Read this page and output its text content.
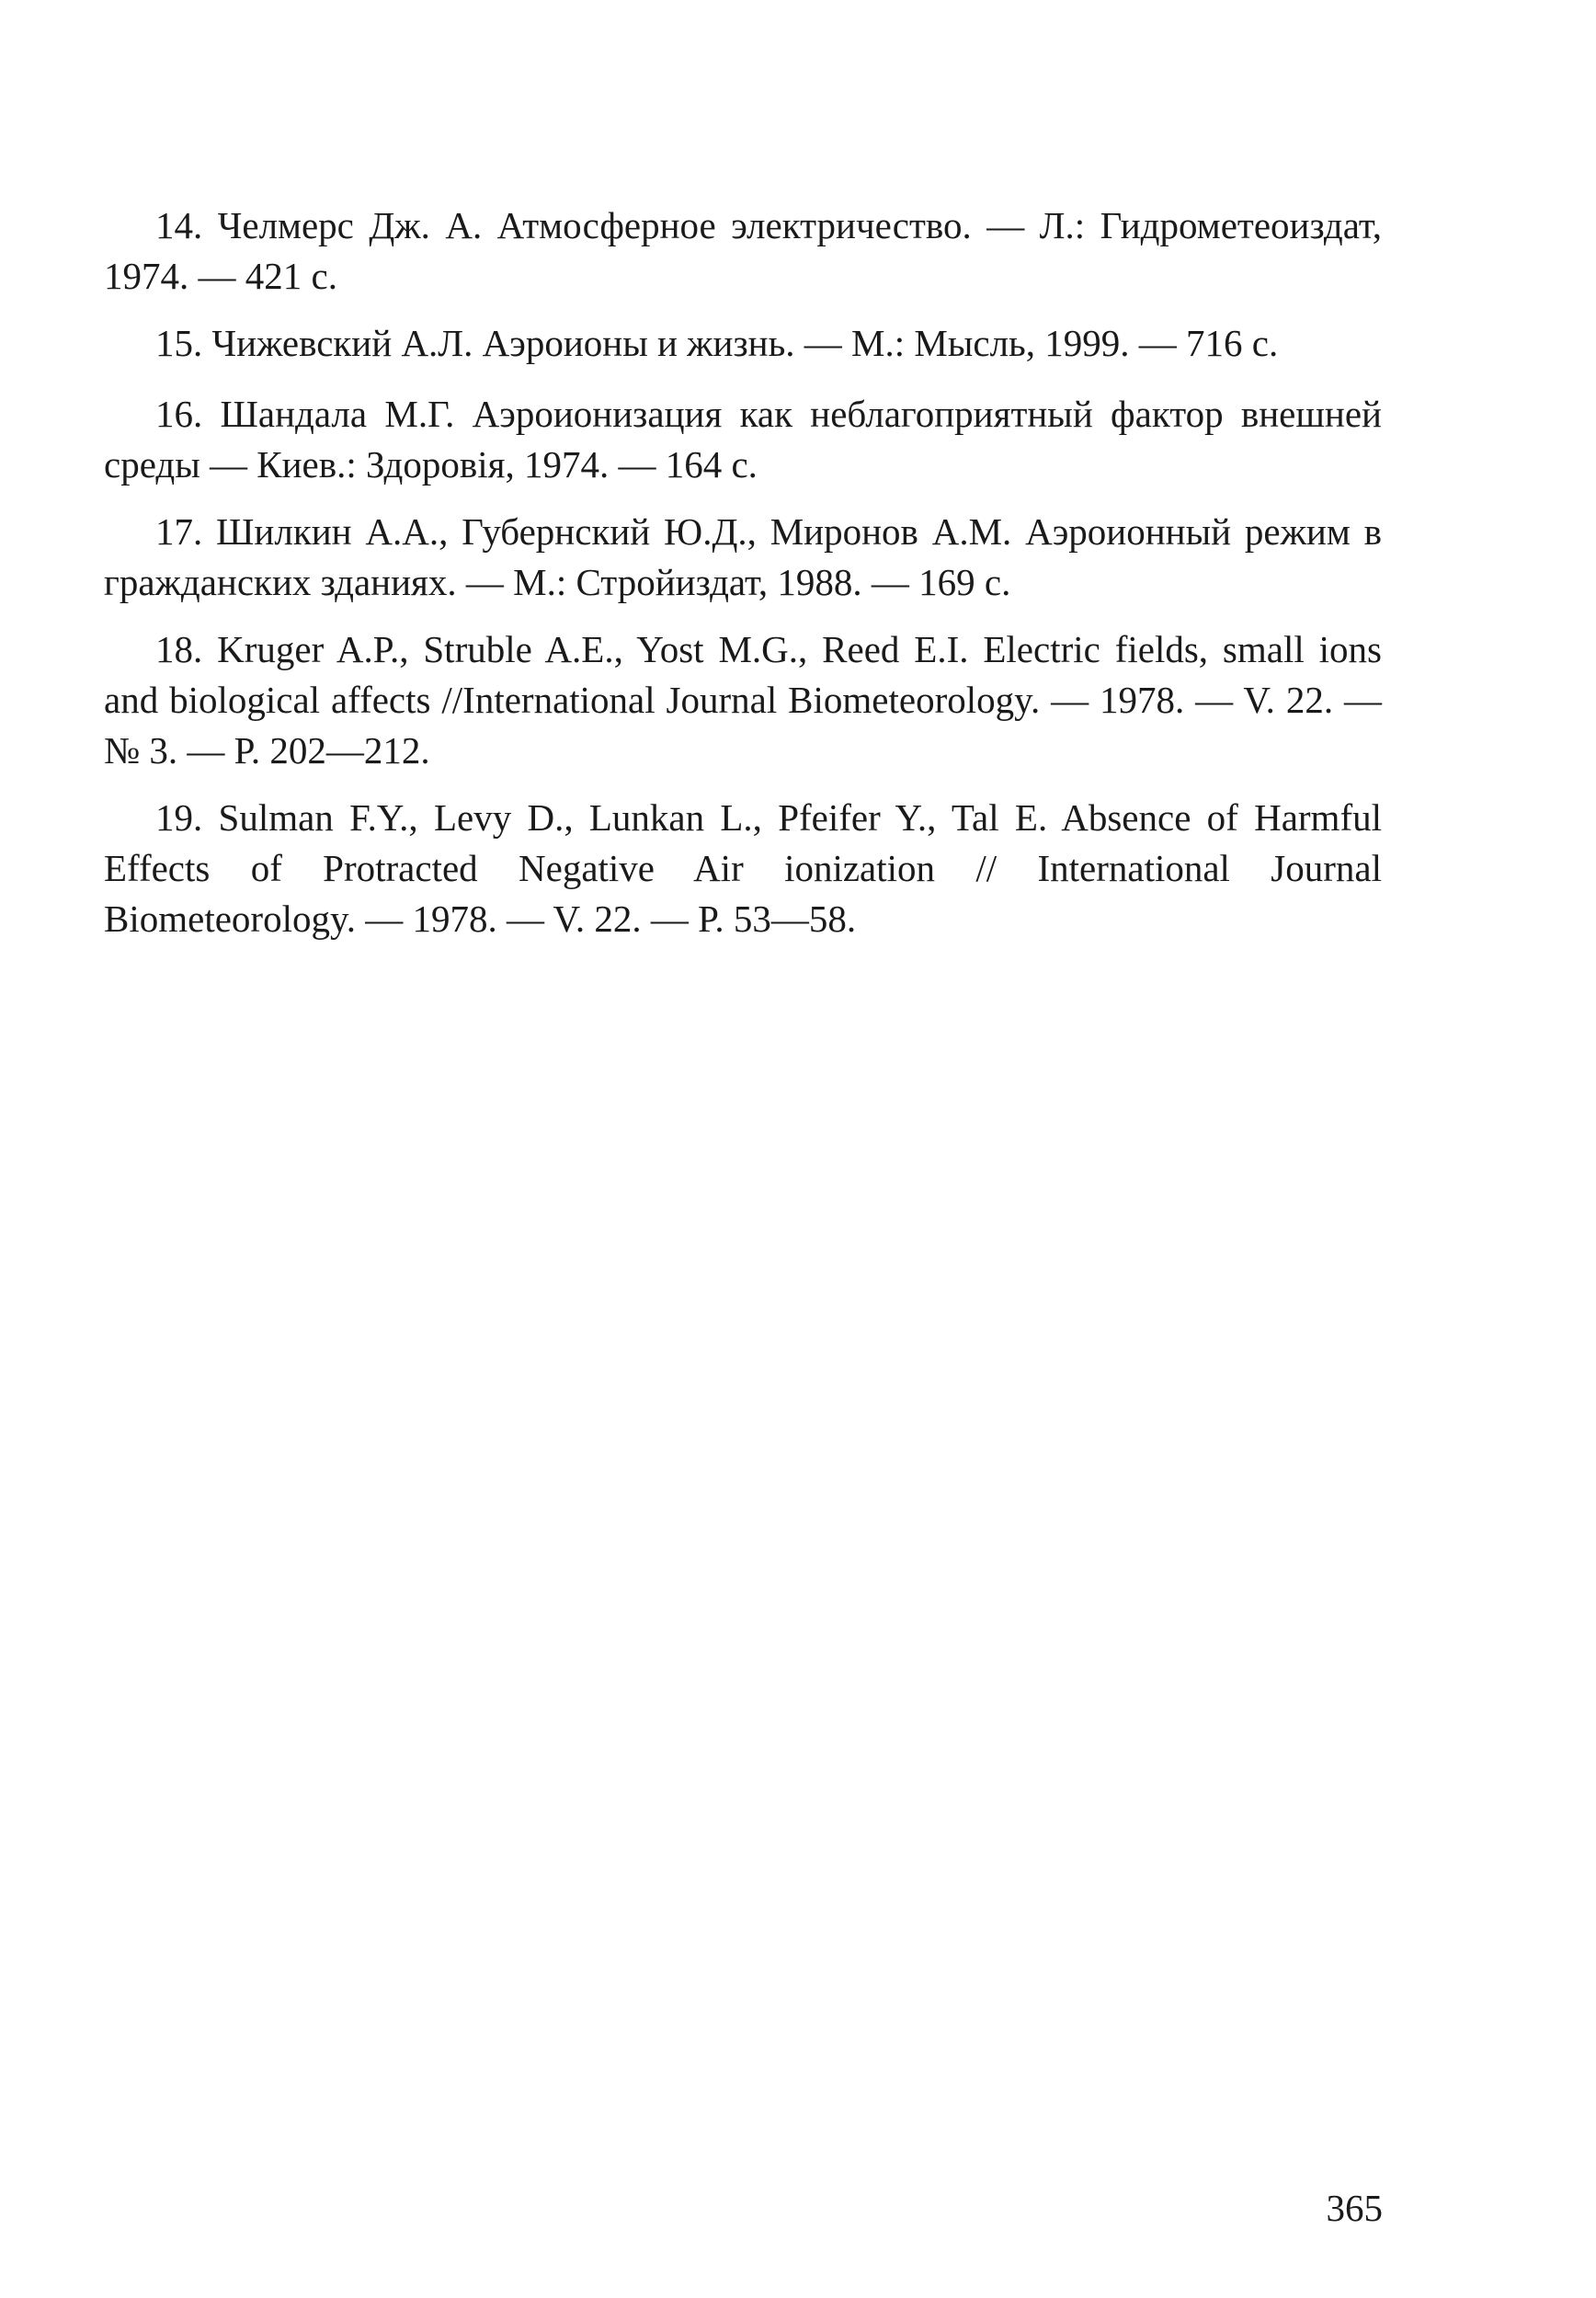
14. Челмерс Дж. А. Атмосферное электричество. — Л.: Гидрометеоиздат, 1974. — 421 с.
15. Чижевский А.Л. Аэроионы и жизнь. — М.: Мысль, 1999. — 716 с.
16. Шандала М.Г. Аэроионизация как неблагоприятный фактор внешней среды — Киев.: Здоровія, 1974. — 164 с.
17. Шилкин А.А., Губернский Ю.Д., Миронов А.М. Аэроионный режим в гражданских зданиях. — М.: Стройиздат, 1988. — 169 с.
18. Kruger A.P., Struble A.E., Yost M.G., Reed E.I. Electric fields, small ions and biological affects //International Journal Biometeorology. — 1978. — V. 22. — № 3. — P. 202—212.
19. Sulman F.Y., Levy D., Lunkan L., Pfeifer Y., Tal E. Absence of Harmful Effects of Protracted Negative Air ionization // International Journal Biometeorology. — 1978. — V. 22. — P. 53—58.
365
